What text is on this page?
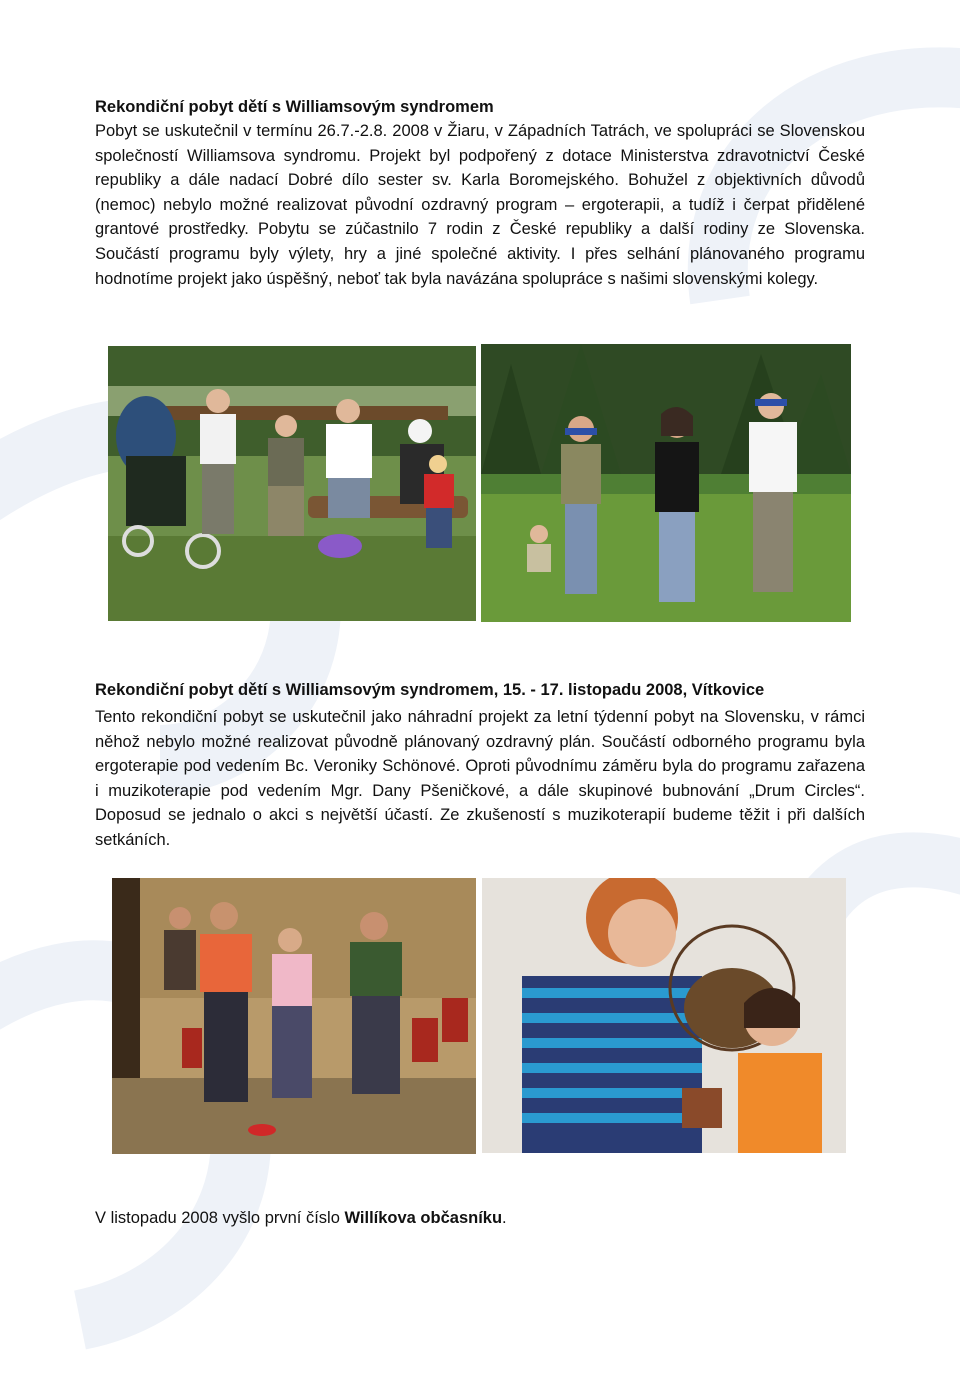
Rekondiční pobyt dětí s Williamsovým syndromem

Pobyt se uskutečnil v termínu 26.7.-2.8. 2008 v Žiaru, v Západních Tatrách, ve spolupráci se Slovenskou společností Williamsova syndromu. Projekt byl podpořený z dotace Ministerstva zdravotnictví České republiky a dále nadací Dobré dílo sester sv. Karla Boromejského. Bohužel z objektivních důvodů (nemoc) nebylo možné realizovat původní ozdravný program – ergoterapii, a tudíž i čerpat přidělené grantové prostředky. Pobytu se zúčastnilo 7 rodin z České republiky a další rodiny ze Slovenska. Součástí programu byly výlety, hry a jiné společné aktivity. I přes selhání plánovaného programu hodnotíme projekt jako úspěšný, neboť tak byla navázána spolupráce s našimi slovenskými kolegy.

Rekondiční pobyt dětí s Williamsovým syndromem, 15. - 17. listopadu 2008, Vítkovice

Tento rekondiční pobyt se uskutečnil jako náhradní projekt za letní týdenní pobyt na Slovensku, v rámci něhož nebylo možné realizovat původně plánovaný ozdravný plán. Součástí odborného programu byla ergoterapie pod vedením Bc. Veroniky Schönové. Oproti původnímu záměru byla do programu zařazena i muzikoterapie pod vedením Mgr. Dany Pšeničkové, a dále skupinové bubnování „Drum Circles“. Doposud se jednalo o akci s největší účastí. Ze zkušeností s muzikoterapií budeme těžit i při dalších setkáních.

V listopadu 2008 vyšlo první číslo Willíkova občasníku.
